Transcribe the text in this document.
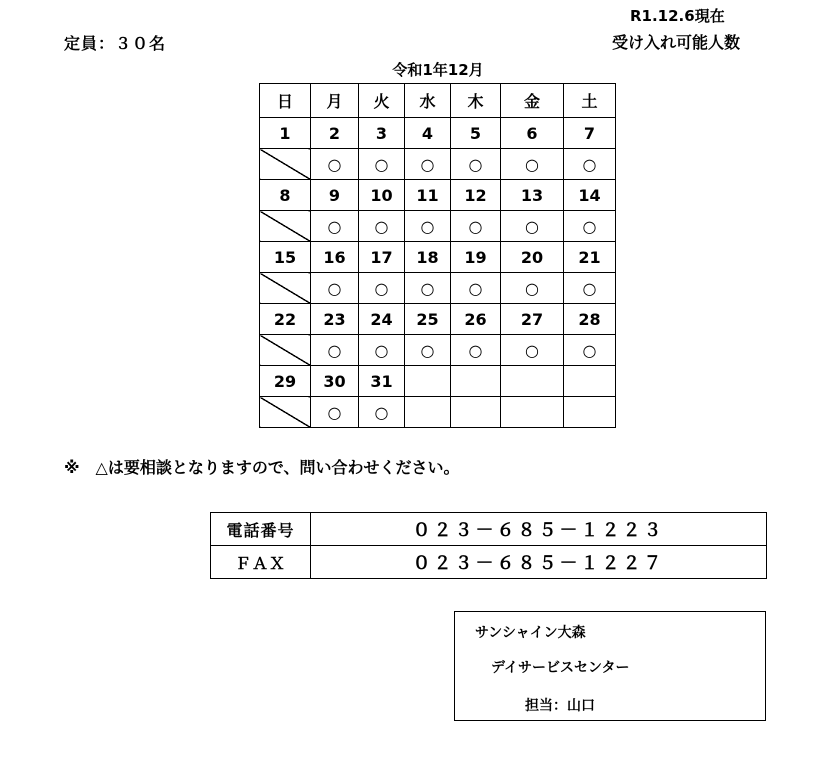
R1.12.6現在
定員：３０名	受け入れ可能人数
令和1年12月
日	月	火	水	木	金	土
1	2	3	4	5	6	7
	○	○	○	○	○	○
8	9	10	11	12	13	14
	○	○	○	○	○	○
15	16	17	18	19	20	21
	○	○	○	○	○	○
22	23	24	25	26	27	28
	○	○	○	○	○	○
29	30	31				
	○	○				
※　△は要相談となりますので、問い合わせください。
電話番号	０２３－６８５－１２２３
ＦＡＸ	０２３－６８５－１２２７
サンシャイン大森
デイサービスセンター
担当：山口
